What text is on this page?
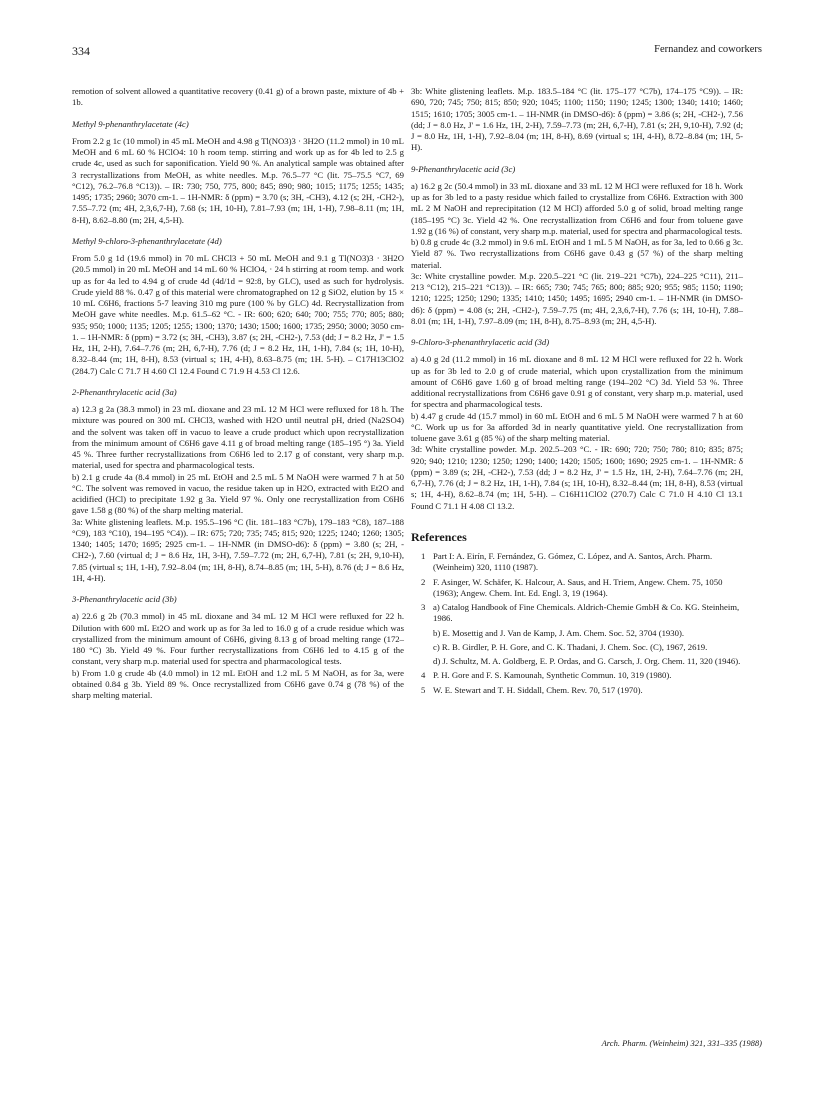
334	Fernandez and coworkers

remotion of solvent allowed a quantitative recovery (0.41 g) of a brown paste, mixture of 4b + 1b.

Methyl 9-phenanthrylacetate (4c)

From 2.2 g 1c (10 mmol) in 45 mL MeOH and 4.98 g Tl(NO3)3 · 3H2O (11.2 mmol) in 10 mL MeOH and 6 mL 60 % HClO4: 10 h room temp. stirring and work up as for 4b led to 2.5 g crude 4c, used as such for saponification. Yield 90 %. An analytical sample was obtained after 3 recrystallizations from MeOH, as white needles. M.p. 76.5–77 °C (lit. 75–75.5 °C7, 69 °C12), 76.2–76.8 °C13)). – IR: 730; 750, 775, 800; 845; 890; 980; 1015; 1175; 1255; 1435; 1495; 1735; 2960; 3070 cm-1. – 1H-NMR: δ (ppm) = 3.70 (s; 3H, -CH3), 4.12 (s; 2H, -CH2-), 7.55–7.72 (m; 4H, 2,3,6,7-H), 7.68 (s; 1H, 10-H), 7.81–7.93 (m; 1H, 1-H), 7.98–8.11 (m; 1H, 8-H), 8.62–8.80 (m; 2H, 4,5-H).

Methyl 9-chloro-3-phenanthrylacetate (4d)

From 5.0 g 1d (19.6 mmol) in 70 mL CHCl3 + 50 mL MeOH and 9.1 g Tl(NO3)3 · 3H2O (20.5 mmol) in 20 mL MeOH and 14 mL 60 % HClO4, · 24 h stirring at room temp. and work up as for 4a led to 4.94 g of crude 4d (4d/1d = 92:8, by GLC), used as such for hydrolysis. Crude yield 88 %. 0.47 g of this material were chromatographed on 12 g SiO2, elution by 15 × 10 mL C6H6, fractions 5-7 leaving 310 mg pure (100 % by GLC) 4d. Recrystallization from MeOH gave white needles. M.p. 61.5–62 °C. - IR: 600; 620; 640; 700; 755; 770; 805; 880; 935; 950; 1000; 1135; 1205; 1255; 1300; 1370; 1430; 1500; 1600; 1735; 2950; 3000; 3050 cm-1. – 1H-NMR: δ (ppm) = 3.72 (s; 3H, -CH3), 3.87 (s; 2H, -CH2-), 7.53 (dd; J = 8.2 Hz, J' = 1.5 Hz, 1H, 2-H), 7.64–7.76 (m; 2H, 6,7-H), 7.76 (d; J = 8.2 Hz, 1H, 1-H), 7.84 (s; 1H, 10-H), 8.32–8.44 (m; 1H, 8-H), 8.53 (virtual s; 1H, 4-H), 8.63–8.75 (m; 1H. 5-H). – C17H13ClO2 (284.7) Calc C 71.7 H 4.60 Cl 12.4 Found C 71.9 H 4.53 Cl 12.6.

2-Phenanthrylacetic acid (3a)

a) 12.3 g 2a (38.3 mmol) in 23 mL dioxane and 23 mL 12 M HCl were refluxed for 18 h. The mixture was poured on 300 mL CHCl3, washed with H2O until neutral pH, dried (Na2SO4) and the solvent was taken off in vacuo to leave a crude product which upon recrystallization from the minimum amount of C6H6 gave 4.11 g of broad melting range (185–195 °) 3a. Yield 45 %. Three further recrystallizations from C6H6 led to 2.17 g of constant, very sharp m.p. material, used for spectra and pharmacological tests.

b) 2.1 g crude 4a (8.4 mmol) in 25 mL EtOH and 2.5 mL 5 M NaOH were warmed 7 h at 50 °C. The solvent was removed in vacuo, the residue taken up in H2O, extracted with Et2O and acidified (HCl) to precipitate 1.92 g 3a. Yield 97 %. Only one recrystallization from C6H6 gave 1.58 g (80 %) of the sharp melting material.

3a: White glistening leaflets. M.p. 195.5–196 °C (lit. 181–183 °C7b), 179–183 °C8), 187–188 °C9), 183 °C10), 194–195 °C4)). – IR: 675; 720; 735; 745; 815; 920; 1225; 1240; 1260; 1305; 1340; 1405; 1470; 1695; 2925 cm-1. – 1H-NMR (in DMSO-d6): δ (ppm) = 3.80 (s; 2H, -CH2-), 7.60 (virtual d; J = 8.6 Hz, 1H, 3-H), 7.59–7.72 (m; 2H, 6,7-H), 7.81 (s; 2H, 9,10-H), 7.85 (virtual s; 1H, 1-H), 7.92–8.04 (m; 1H, 8-H), 8.74–8.85 (m; 1H, 5-H), 8.76 (d; J = 8.6 Hz, 1H, 4-H).

3-Phenanthrylacetic acid (3b)

a) 22.6 g 2b (70.3 mmol) in 45 mL dioxane and 34 mL 12 M HCl were refluxed for 22 h. Dilution with 600 mL Et2O and work up as for 3a led to 16.0 g of a crude residue which was crystallized from the minimum amount of C6H6, giving 8.13 g of broad melting range (172–180 °C) 3b. Yield 49 %. Four further recrystallizations from C6H6 led to 4.15 g of the constant, very sharp m.p. material used for spectra and pharmacological tests.

b) From 1.0 g crude 4b (4.0 mmol) in 12 mL EtOH and 1.2 mL 5 M NaOH, as for 3a, were obtained 0.84 g 3b. Yield 89 %. Once recrystallized from C6H6 gave 0.74 g (78 %) of the sharp melting material.

3b: White glistening leaflets. M.p. 183.5–184 °C (lit. 175–177 °C7b), 174–175 °C9)). – IR: 690, 720; 745; 750; 815; 850; 920; 1045; 1100; 1150; 1190; 1245; 1300; 1340; 1410; 1460; 1515; 1610; 1705; 3005 cm-1. – 1H-NMR (in DMSO-d6): δ (ppm) = 3.86 (s; 2H, -CH2-), 7.56 (dd; J = 8.0 Hz, J' = 1.6 Hz, 1H, 2-H), 7.59–7.73 (m; 2H, 6,7-H), 7.81 (s; 2H, 9,10-H), 7.92 (d; J = 8.0 Hz, 1H, 1-H), 7.92–8.04 (m; 1H, 8-H), 8.69 (virtual s; 1H, 4-H), 8.72–8.84 (m; 1H, 5-H).

9-Phenanthrylacetic acid (3c)

a) 16.2 g 2c (50.4 mmol) in 33 mL dioxane and 33 mL 12 M HCl were refluxed for 18 h. Work up as for 3b led to a pasty residue which failed to crystallize from C6H6. Extraction with 300 mL 2 M NaOH and reprecipitation (12 M HCl) afforded 5.0 g of solid, broad melting range (185–195 °C) 3c. Yield 42 %. One recrystallization from C6H6 and four from toluene gave 1.92 g (16 %) of constant, very sharp m.p. material, used for spectra and pharmacological tests.

b) 0.8 g crude 4c (3.2 mmol) in 9.6 mL EtOH and 1 mL 5 M NaOH, as for 3a, led to 0.66 g 3c. Yield 87 %. Two recrystallizations from C6H6 gave 0.43 g (57 %) of the sharp melting material.

3c: White crystalline powder. M.p. 220.5–221 °C (lit. 219–221 °C7b), 224–225 °C11), 211–213 °C12), 215–221 °C13)). – IR: 665; 730; 745; 765; 800; 885; 920; 955; 985; 1150; 1190; 1210; 1225; 1250; 1290; 1335; 1410; 1450; 1495; 1695; 2940 cm-1. – 1H-NMR (in DMSO-d6): δ (ppm) = 4.08 (s; 2H, -CH2-), 7.59–7.75 (m; 4H, 2,3,6,7-H), 7.76 (s; 1H, 10-H), 7.88–8.01 (m; 1H, 1-H), 7.97–8.09 (m; 1H, 8-H), 8.75–8.93 (m; 2H, 4,5-H).

9-Chloro-3-phenanthrylacetic acid (3d)

a) 4.0 g 2d (11.2 mmol) in 16 mL dioxane and 8 mL 12 M HCl were refluxed for 22 h. Work up as for 3b led to 2.0 g of crude material, which upon crystallization from the minimum amount of C6H6 gave 1.60 g of broad melting range (194–202 °C) 3d. Yield 53 %. Three additional recrystallizations from C6H6 gave 0.91 g of constant, very sharp m.p. material, used for spectra and pharmacological tests.

b) 4.47 g crude 4d (15.7 mmol) in 60 mL EtOH and 6 mL 5 M NaOH were warmed 7 h at 60 °C. Work up us for 3a afforded 3d in nearly quantitative yield. One recrystallization from toluene gave 3.61 g (85 %) of the sharp melting material.

3d: White crystalline powder. M.p. 202.5–203 °C. - IR: 690; 720; 750; 780; 810; 835; 875; 920; 940; 1210; 1230; 1250; 1290; 1400; 1420; 1505; 1600; 1690; 2925 cm-1. – 1H-NMR: δ (ppm) = 3.89 (s; 2H, -CH2-), 7.53 (dd; J = 8.2 Hz, J' = 1.5 Hz, 1H, 2-H), 7.64–7.76 (m; 2H, 6,7-H), 7.76 (d; J = 8.2 Hz, 1H, 1-H), 7.84 (s; 1H, 10-H), 8.32–8.44 (m; 1H, 8-H), 8.53 (virtual s; 1H, 4-H), 8.62–8.74 (m; 1H, 5-H). – C16H11ClO2 (270.7) Calc C 71.0 H 4.10 Cl 13.1 Found C 71.1 H 4.08 Cl 13.2.

References
1 Part I: A. Eirín, F. Fernández, G. Gómez, C. López, and A. Santos, Arch. Pharm. (Weinheim) 320, 1110 (1987).
2 F. Asinger, W. Schäfer, K. Halcour, A. Saus, and H. Triem, Angew. Chem. 75, 1050 (1963); Angew. Chem. Int. Ed. Engl. 3, 19 (1964).
3 a) Catalog Handbook of Fine Chemicals. Aldrich-Chemie GmbH & Co. KG. Steinheim, 1986.
b) E. Mosettig and J. Van de Kamp, J. Am. Chem. Soc. 52, 3704 (1930).
c) R. B. Girdler, P. H. Gore, and C. K. Thadani, J. Chem. Soc. (C), 1967, 2619.
d) J. Schultz, M. A. Goldberg, E. P. Ordas, and G. Carsch, J. Org. Chem. 11, 320 (1946).
4 P. H. Gore and F. S. Kamounah, Synthetic Commun. 10, 319 (1980).
5 W. E. Stewart and T. H. Siddall, Chem. Rev. 70, 517 (1970).
Arch. Pharm. (Weinheim) 321, 331–335 (1988)
